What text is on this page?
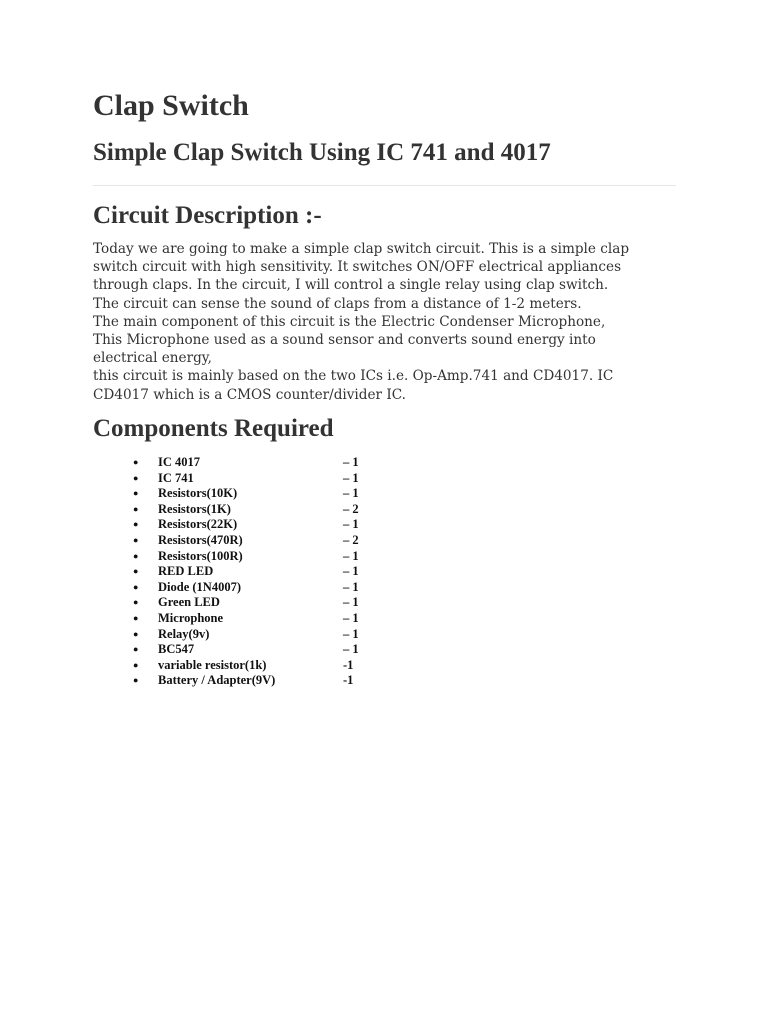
Clap Switch
Simple Clap Switch Using IC 741 and 4017
Circuit Description :-

Today we are going to make a simple clap switch circuit. This is a simple clap

switch circuit with high sensitivity. It switches ON/OFF electrical appliances

through claps. In the circuit, I will control a single relay using clap switch.

The circuit can sense the sound of claps from a distance of 1-2 meters.

The main component of this circuit is the Electric Condenser Microphone,

This Microphone used as a sound sensor and converts sound energy into

electrical energy,

this circuit is mainly based on the two ICs i.e. Op-Amp.741 and CD4017. IC

CD4017 which is a CMOS counter/divider IC.

Components Required
● IC 4017	– 1
● IC 741	– 1
● Resistors(10K)	– 1
● Resistors(1K)	– 2
● Resistors(22K)	– 1
● Resistors(470R)	– 2
● Resistors(100R)	– 1
● RED LED	– 1
● Diode (1N4007)	– 1
● Green LED	– 1
● Microphone	– 1
● Relay(9v)	– 1
● BC547	– 1
● variable resistor(1k)	-1
● Battery / Adapter(9V)	-1
